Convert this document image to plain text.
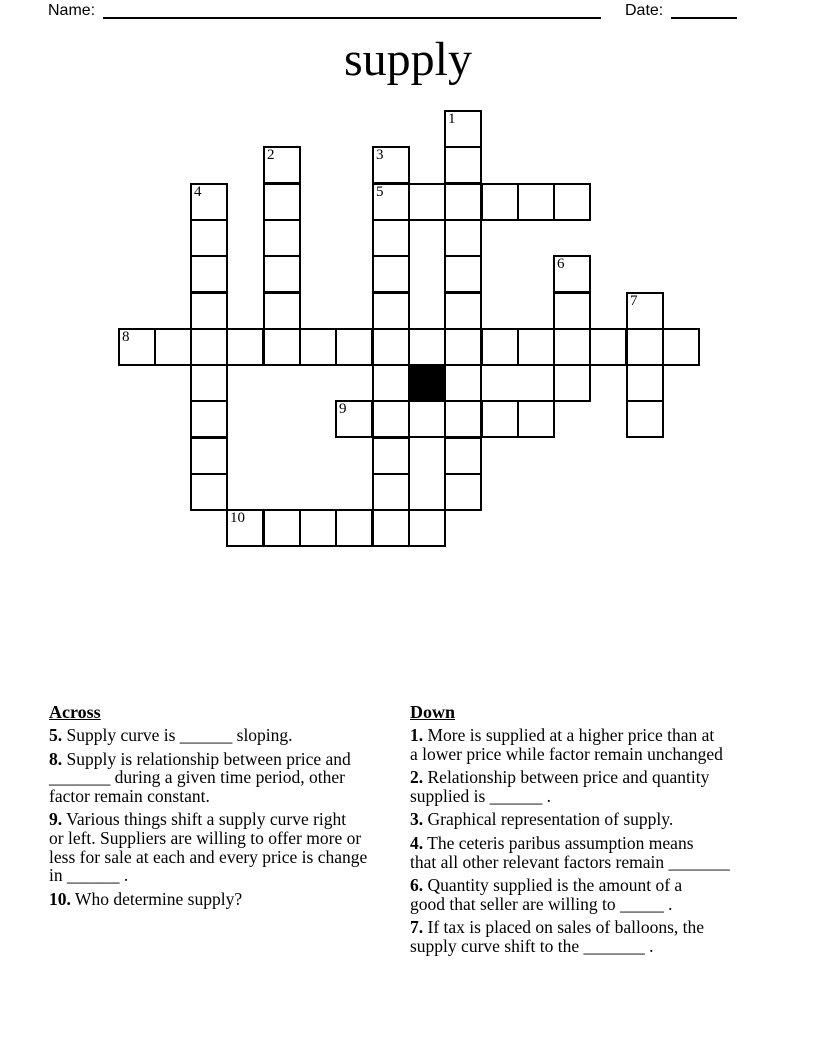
Name:	Date:
supply
1
2	3
4	5
6
7
8
9
10

Across

5. Supply curve is ______ sloping.
8. Supply is relationship between price and
_______ during a given time period, other
factor remain constant.
9. Various things shift a supply curve right
or left. Suppliers are willing to offer more or
less for sale at each and every price is change
in ______ .
10. Who determine supply?

Down

1. More is supplied at a higher price than at
a lower price while factor remain unchanged
2. Relationship between price and quantity
supplied is ______ .
3. Graphical representation of supply.
4. The ceteris paribus assumption means
that all other relevant factors remain _______
6. Quantity supplied is the amount of a
good that seller are willing to _____ .
7. If tax is placed on sales of balloons, the
supply curve shift to the _______ .
